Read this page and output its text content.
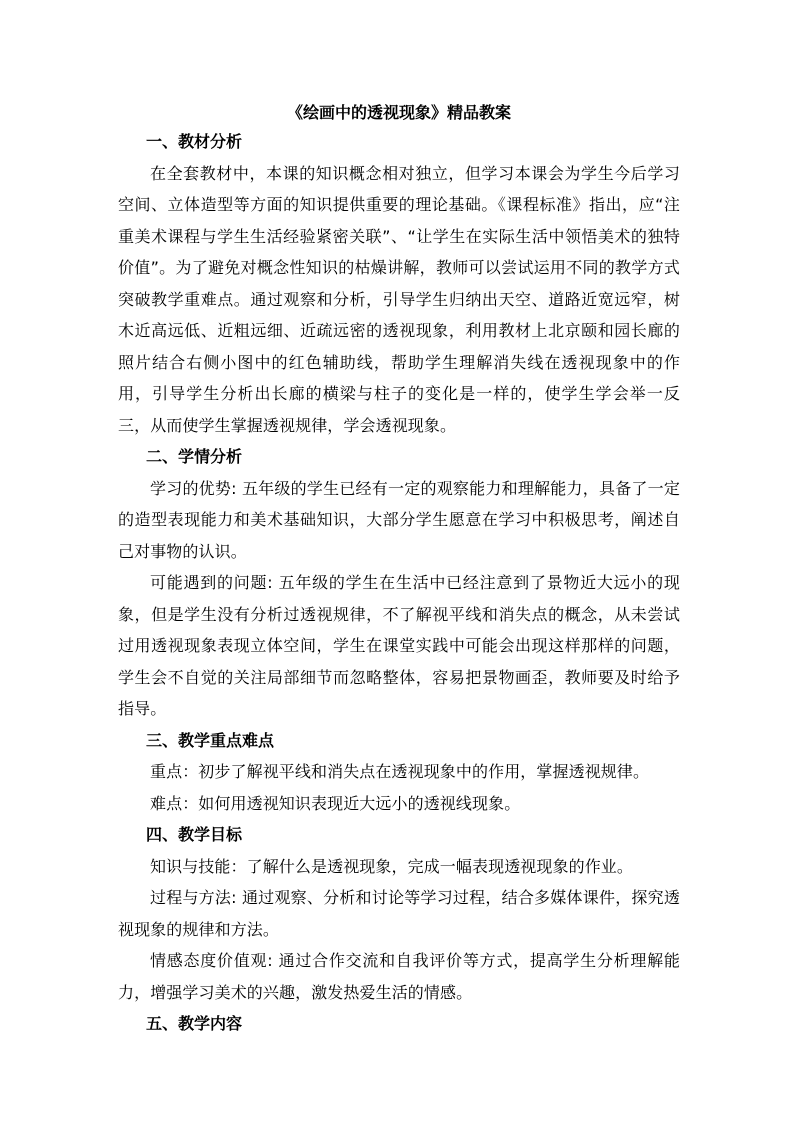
《绘画中的透视现象》精品教案

一、教材分析

在全套教材中，本课的知识概念相对独立，但学习本课会为学生今后学习空间、立体造型等方面的知识提供重要的理论基础。《课程标准》指出，应“注重美术课程与学生生活经验紧密关联”、“让学生在实际生活中领悟美术的独特价值”。为了避免对概念性知识的枯燥讲解，教师可以尝试运用不同的教学方式突破教学重难点。通过观察和分析，引导学生归纳出天空、道路近宽远窄，树木近高远低、近粗远细、近疏远密的透视现象，利用教材上北京颐和园长廊的照片结合右侧小图中的红色辅助线，帮助学生理解消失线在透视现象中的作用，引导学生分析出长廊的横梁与柱子的变化是一样的，使学生学会举一反三，从而使学生掌握透视规律，学会透视现象。

二、学情分析

学习的优势: 五年级的学生已经有一定的观察能力和理解能力，具备了一定的造型表现能力和美术基础知识，大部分学生愿意在学习中积极思考，阐述自己对事物的认识。

可能遇到的问题: 五年级的学生在生活中已经注意到了景物近大远小的现象，但是学生没有分析过透视规律，不了解视平线和消失点的概念，从未尝试过用透视现象表现立体空间，学生在课堂实践中可能会出现这样那样的问题，学生会不自觉的关注局部细节而忽略整体，容易把景物画歪，教师要及时给予指导。

三、教学重点难点

重点：初步了解视平线和消失点在透视现象中的作用，掌握透视规律。

难点：如何用透视知识表现近大远小的透视线现象。

四、教学目标

知识与技能：了解什么是透视现象，完成一幅表现透视现象的作业。

过程与方法: 通过观察、分析和讨论等学习过程，结合多媒体课件，探究透视现象的规律和方法。

情感态度价值观: 通过合作交流和自我评价等方式，提高学生分析理解能力，增强学习美术的兴趣，激发热爱生活的情感。

五、教学内容
